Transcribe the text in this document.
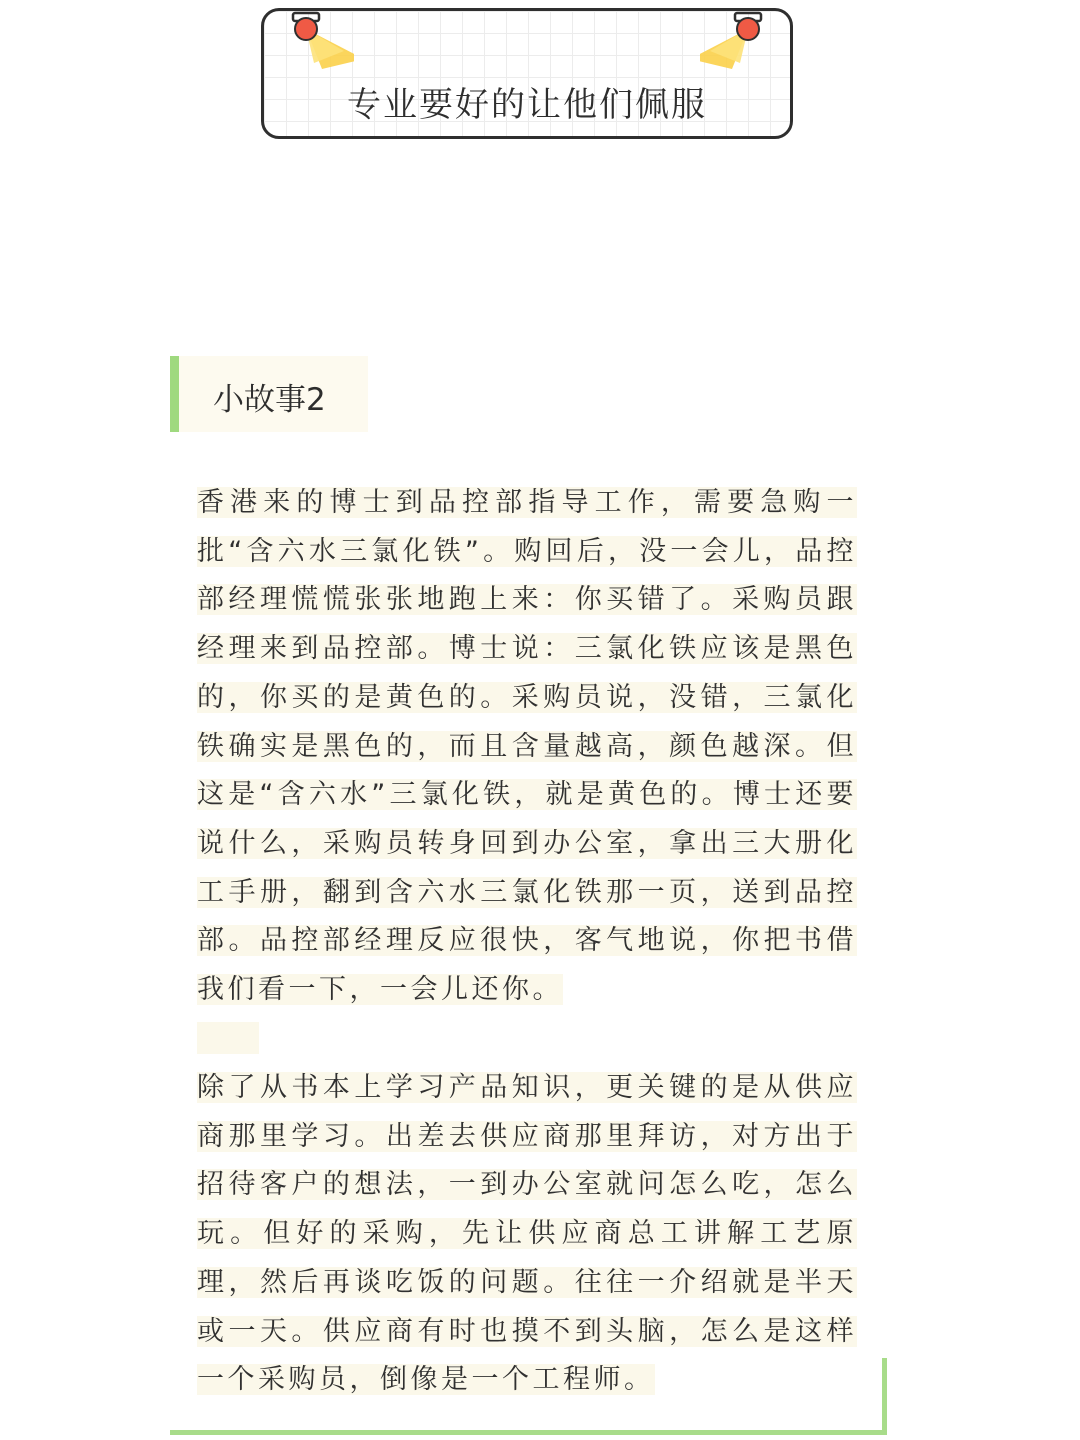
专业要好的让他们佩服
小故事2
香港来的博士到品控部指导工作，需要急购一批“含六水三氯化铁”。购回后，没一会儿，品控部经理慌慌张张地跑上来：你买错了。采购员跟经理来到品控部。博士说：三氯化铁应该是黑色的，你买的是黄色的。采购员说，没错，三氯化铁确实是黑色的，而且含量越高，颜色越深。但这是“含六水”三氯化铁，就是黄色的。博士还要说什么，采购员转身回到办公室，拿出三大册化工手册，翻到含六水三氯化铁那一页，送到品控部。品控部经理反应很快，客气地说，你把书借我们看一下，一会儿还你。
除了从书本上学习产品知识，更关键的是从供应商那里学习。出差去供应商那里拜访，对方出于招待客户的想法，一到办公室就问怎么吃，怎么玩。但好的采购，先让供应商总工讲解工艺原理，然后再谈吃饭的问题。往往一介绍就是半天或一天。供应商有时也摸不到头脑，怎么是这样一个采购员，倒像是一个工程师。
